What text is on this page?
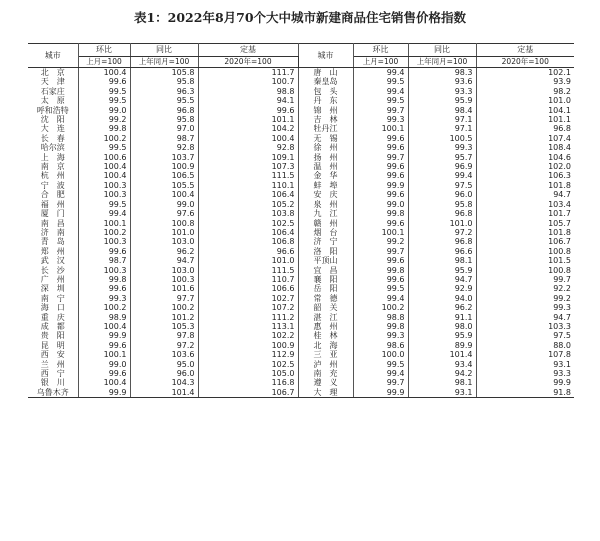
表1：2022年8月70个大中城市新建商品住宅销售价格指数
城市	环比	同比	定基	城市	环比	同比	定基
	上月=100	上年同月=100	2020年=100		上月=100	上年同月=100	2020年=100
北　京	100.4	105.8	111.7	唐　山	99.4	98.3	102.1
天　津	99.6	95.8	100.7	秦皇岛	99.5	93.6	93.9
石家庄	99.5	96.3	98.8	包　头	99.4	93.3	98.2
太　原	99.5	95.5	94.1	丹　东	99.5	95.9	101.0
呼和浩特	99.0	96.8	99.6	锦　州	99.7	98.4	104.1
沈　阳	99.2	95.8	101.1	吉　林	99.3	97.1	101.1
大　连	99.8	97.0	104.2	牡丹江	100.1	97.1	96.8
长　春	100.2	98.7	100.4	无　锡	99.6	100.5	107.4
哈尔滨	99.5	92.8	92.8	徐　州	99.6	99.3	108.4
上　海	100.6	103.7	109.1	扬　州	99.7	95.7	104.6
南　京	100.4	100.9	107.3	温　州	99.6	96.9	102.0
杭　州	100.4	106.5	111.5	金　华	99.6	99.4	106.3
宁　波	100.3	105.5	110.1	蚌　埠	99.9	97.5	101.8
合　肥	100.3	100.4	106.4	安　庆	99.6	96.0	94.7
福　州	99.5	99.0	105.2	泉　州	99.0	95.8	103.4
厦　门	99.4	97.6	103.8	九　江	99.8	96.8	101.7
南　昌	100.1	100.8	102.5	赣　州	99.6	101.0	105.7
济　南	100.2	101.0	106.4	烟　台	100.1	97.2	101.8
青　岛	100.3	103.0	106.8	济　宁	99.2	96.8	106.7
郑　州	99.6	96.2	96.6	洛　阳	99.7	96.6	100.8
武　汉	98.7	94.7	101.0	平顶山	99.6	98.1	101.5
长　沙	100.3	103.0	111.5	宜　昌	99.8	95.9	100.8
广　州	99.8	100.3	110.7	襄　阳	99.6	94.7	99.7
深　圳	99.6	101.6	106.6	岳　阳	99.5	92.9	92.2
南　宁	99.3	97.7	102.7	常　德	99.4	94.0	99.2
海　口	100.2	100.2	107.2	韶　关	100.2	96.2	99.3
重　庆	98.9	101.2	111.2	湛　江	98.8	91.1	94.7
成　都	100.4	105.3	113.1	惠　州	99.8	98.0	103.3
贵　阳	99.9	97.8	102.2	桂　林	99.3	95.9	97.5
昆　明	99.6	97.2	100.9	北　海	98.6	89.9	88.0
西　安	100.1	103.6	112.9	三　亚	100.0	101.4	107.8
兰　州	99.0	95.0	102.5	泸　州	99.5	93.4	93.1
西　宁	99.6	96.0	105.0	南　充	99.4	94.2	93.3
银　川	100.4	104.3	116.8	遵　义	99.7	98.1	99.9
乌鲁木齐	99.9	101.4	106.7	大　理	99.9	93.1	91.8
